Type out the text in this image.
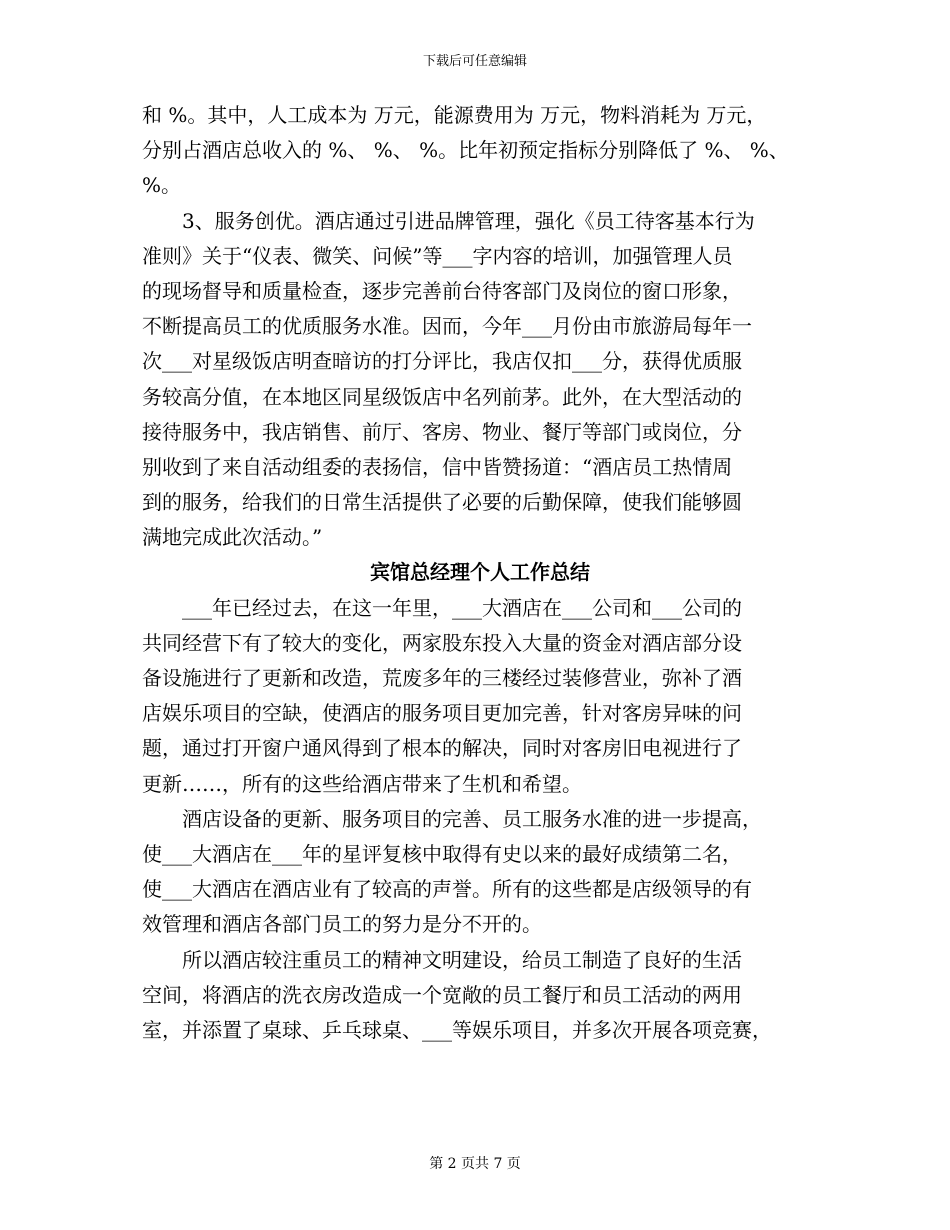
下载后可任意编辑
和 %。其中，人工成本为 万元，能源费用为 万元，物料消耗为 万元，
分别占酒店总收入的 %、 %、 %。比年初预定指标分别降低了 %、 %、
%。
3、服务创优。酒店通过引进品牌管理，强化《员工待客基本行为
准则》关于“仪表、微笑、问候”等___字内容的培训，加强管理人员
的现场督导和质量检查，逐步完善前台待客部门及岗位的窗口形象，
不断提高员工的优质服务水准。因而，今年___月份由市旅游局每年一
次___对星级饭店明查暗访的打分评比，我店仅扣___分，获得优质服
务较高分值，在本地区同星级饭店中名列前茅。此外，在大型活动的
接待服务中，我店销售、前厅、客房、物业、餐厅等部门或岗位，分
别收到了来自活动组委的表扬信，信中皆赞扬道：“酒店员工热情周
到的服务，给我们的日常生活提供了必要的后勤保障，使我们能够圆
满地完成此次活动。”
宾馆总经理个人工作总结
___年已经过去，在这一年里，___大酒店在___公司和___公司的
共同经营下有了较大的变化，两家股东投入大量的资金对酒店部分设
备设施进行了更新和改造，荒废多年的三楼经过装修营业，弥补了酒
店娱乐项目的空缺，使酒店的服务项目更加完善，针对客房异味的问
题，通过打开窗户通风得到了根本的解决，同时对客房旧电视进行了
更新……，所有的这些给酒店带来了生机和希望。
酒店设备的更新、服务项目的完善、员工服务水准的进一步提高，
使___大酒店在___年的星评复核中取得有史以来的最好成绩第二名，
使___大酒店在酒店业有了较高的声誉。所有的这些都是店级领导的有
效管理和酒店各部门员工的努力是分不开的。
所以酒店较注重员工的精神文明建设，给员工制造了良好的生活
空间，将酒店的洗衣房改造成一个宽敞的员工餐厅和员工活动的两用
室，并添置了桌球、乒乓球桌、___等娱乐项目，并多次开展各项竞赛，
第 2 页共 7 页
